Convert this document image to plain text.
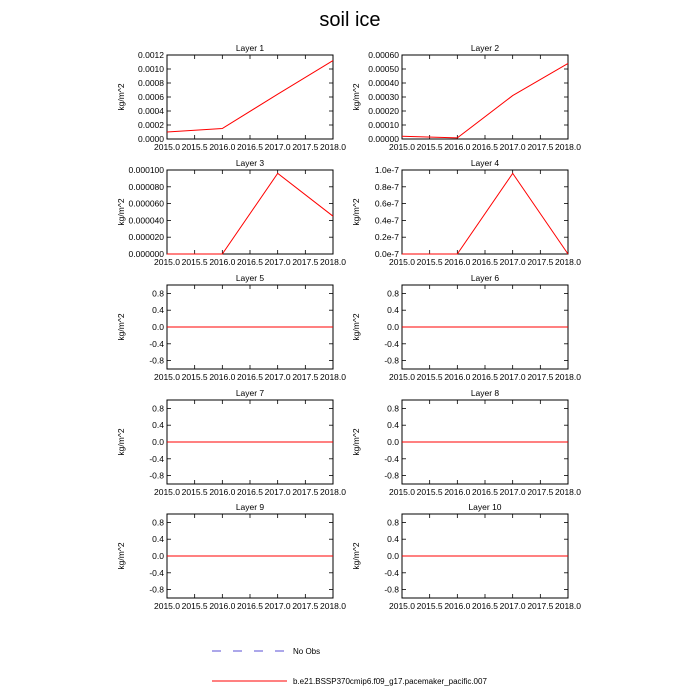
soil ice
Layer 1
0.0000
0.0002
0.0004
0.0006
0.0008
0.0010
0.0012
2015.0 2015.5 2016.0 2016.5 2017.0 2017.5 2018.0
kg/m^2
Layer 2
0.00000
0.00010
0.00020
0.00030
0.00040
0.00050
0.00060
2015.0 2015.5 2016.0 2016.5 2017.0 2017.5 2018.0
kg/m^2
Layer 3
0.000000
0.000020
0.000040
0.000060
0.000080
0.000100
2015.0 2015.5 2016.0 2016.5 2017.0 2017.5 2018.0
kg/m^2
Layer 4
0.0e-7
0.2e-7
0.4e-7
0.6e-7
0.8e-7
1.0e-7
2015.0 2015.5 2016.0 2016.5 2017.0 2017.5 2018.0
kg/m^2
Layer 5
-0.8
-0.4
0.0
0.4
0.8
2015.0 2015.5 2016.0 2016.5 2017.0 2017.5 2018.0
kg/m^2
Layer 6
-0.8
-0.4
0.0
0.4
0.8
2015.0 2015.5 2016.0 2016.5 2017.0 2017.5 2018.0
kg/m^2
Layer 7
-0.8
-0.4
0.0
0.4
0.8
2015.0 2015.5 2016.0 2016.5 2017.0 2017.5 2018.0
kg/m^2
Layer 8
-0.8
-0.4
0.0
0.4
0.8
2015.0 2015.5 2016.0 2016.5 2017.0 2017.5 2018.0
kg/m^2
Layer 9
-0.8
-0.4
0.0
0.4
0.8
2015.0 2015.5 2016.0 2016.5 2017.0 2017.5 2018.0
kg/m^2
Layer 10
-0.8
-0.4
0.0
0.4
0.8
2015.0 2015.5 2016.0 2016.5 2017.0 2017.5 2018.0
kg/m^2
No Obs
b.e21.BSSP370cmip6.f09_g17.pacemaker_pacific.007
